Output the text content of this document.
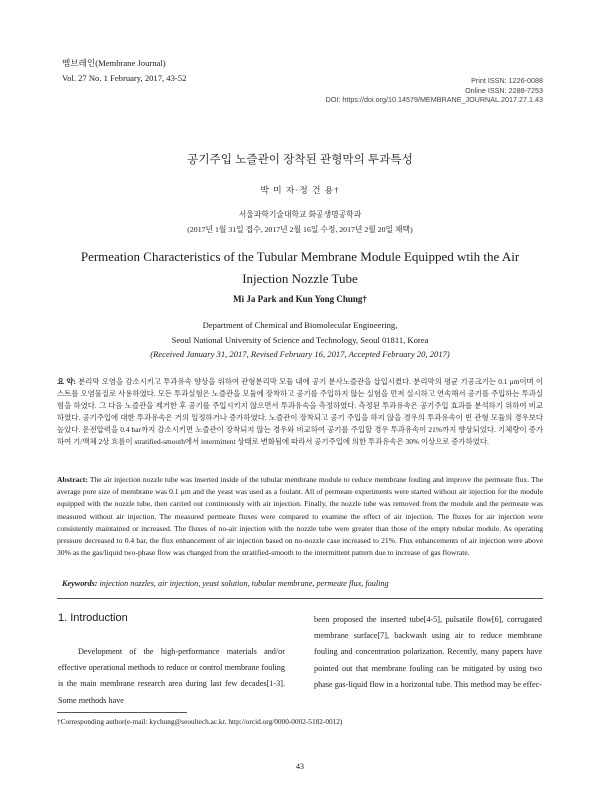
멤브레인(Membrane Journal)
Vol. 27 No. 1 February, 2017, 43-52	Print ISSN: 1226-0088
Online ISSN: 2288-7253
DOI: https://doi.org/10.14579/MEMBRANE_JOURNAL.2017.27.1.43
공기주입 노즐관이 장착된 관형막의 투과특성
박 미 자·정 건 용†
서울과학기술대학교 화공생명공학과
(2017년 1월 31일 접수, 2017년 2월 16일 수정, 2017년 2월 20일 채택)
Permeation Characteristics of the Tubular Membrane Module Equipped wtih the Air Injection Nozzle Tube
Mi Ja Park and Kun Yong Chung†
Department of Chemical and Biomolecular Engineering,
Seoul National University of Science and Technology, Seoul 01811, Korea
(Received January 31, 2017, Revised February 16, 2017, Accepted February 20, 2017)
요 약: 분리막 오염을 감소시키고 투과유속 향상을 위하여 관형분리막 모듈 내에 공기 분사노즐관을 삽입시켰다. 분리막의 평균 기공크기는 0.1 μm이며 이스트를 오염물질로 사용하였다. 모든 투과실험은 노즐관을 모듈에 장착하고 공기를 주입하지 않는 실험을 먼저 실시하고 연속해서 공기를 주입하는 투과실험을 하였다. 그 다음 노즐관을 제거한 후 공기를 주입시키지 않으면서 투과유속을 측정하였다. 측정된 투과유속은 공기주입 효과를 분석하기 위하여 비교하였다. 공기주입에 대한 투과유속은 거의 일정하거나 증가하였다. 노즐관이 장착되고 공기 주입을 하지 않을 경우의 투과유속이 빈 관형 모듈의 경우보다 높았다. 운전압력을 0.4 bar까지 감소시키면 노즐관이 장착되지 않는 경우와 비교하여 공기를 주입할 경우 투과유속이 21%까지 향상되었다. 기체량이 증가하여 기/액체 2상 흐름이 stratified-smooth에서 intermittent 상태로 변화됨에 따라서 공기주입에 의한 투과유속은 30% 이상으로 증가하였다.
Abstract: The air injection nozzle tube was inserted inside of the tubular membrane module to reduce membrane fouling and improve the permeate flux. The average pore size of membrane was 0.1 μm and the yeast was used as a foulant. All of permeate experiments were started without air injection for the module equipped with the nozzle tube, then carried out continuously with air injection. Finally, the nozzle tube was removed from the module and the permeate was measured without air injection. The measured permeate fluxes were compared to examine the effect of air injection. The fluxes for air injection were consistently maintained or increased. The fluxes of no-air injection with the nozzle tube were greater than those of the empty tubular module. As operating pressure decreased to 0.4 bar, the flux enhancement of air injection based on no-nozzle case increased to 21%. Flux enhancements of air injection were above 30% as the gas/liquid two-phase flow was changed from the stratified-smooth to the intermittent pattern due to increase of gas flowrate.
Keywords: injection nozzles, air injection, yeast solution, tubular membrane, permeate flux, fouling
1. Introduction
Development of the high-performance materials and/or effective operational methods to reduce or control membrane fouling is the main membrane research area during last few decades[1-3]. Some methods have
been proposed the inserted tube[4-5], pulsatile flow[6], corrugated membrane surface[7], backwash using air to reduce membrane fouling and concentration polarization. Recently, many papers have pointed out that membrane fouling can be mitigated by using two phase gas-liquid flow in a horizontal tube. This method may be effec-
†Corresponding author(e-mail: kychung@seoultech.ac.kr, http://orcid.org/0000-0002-5182-0012)
43
